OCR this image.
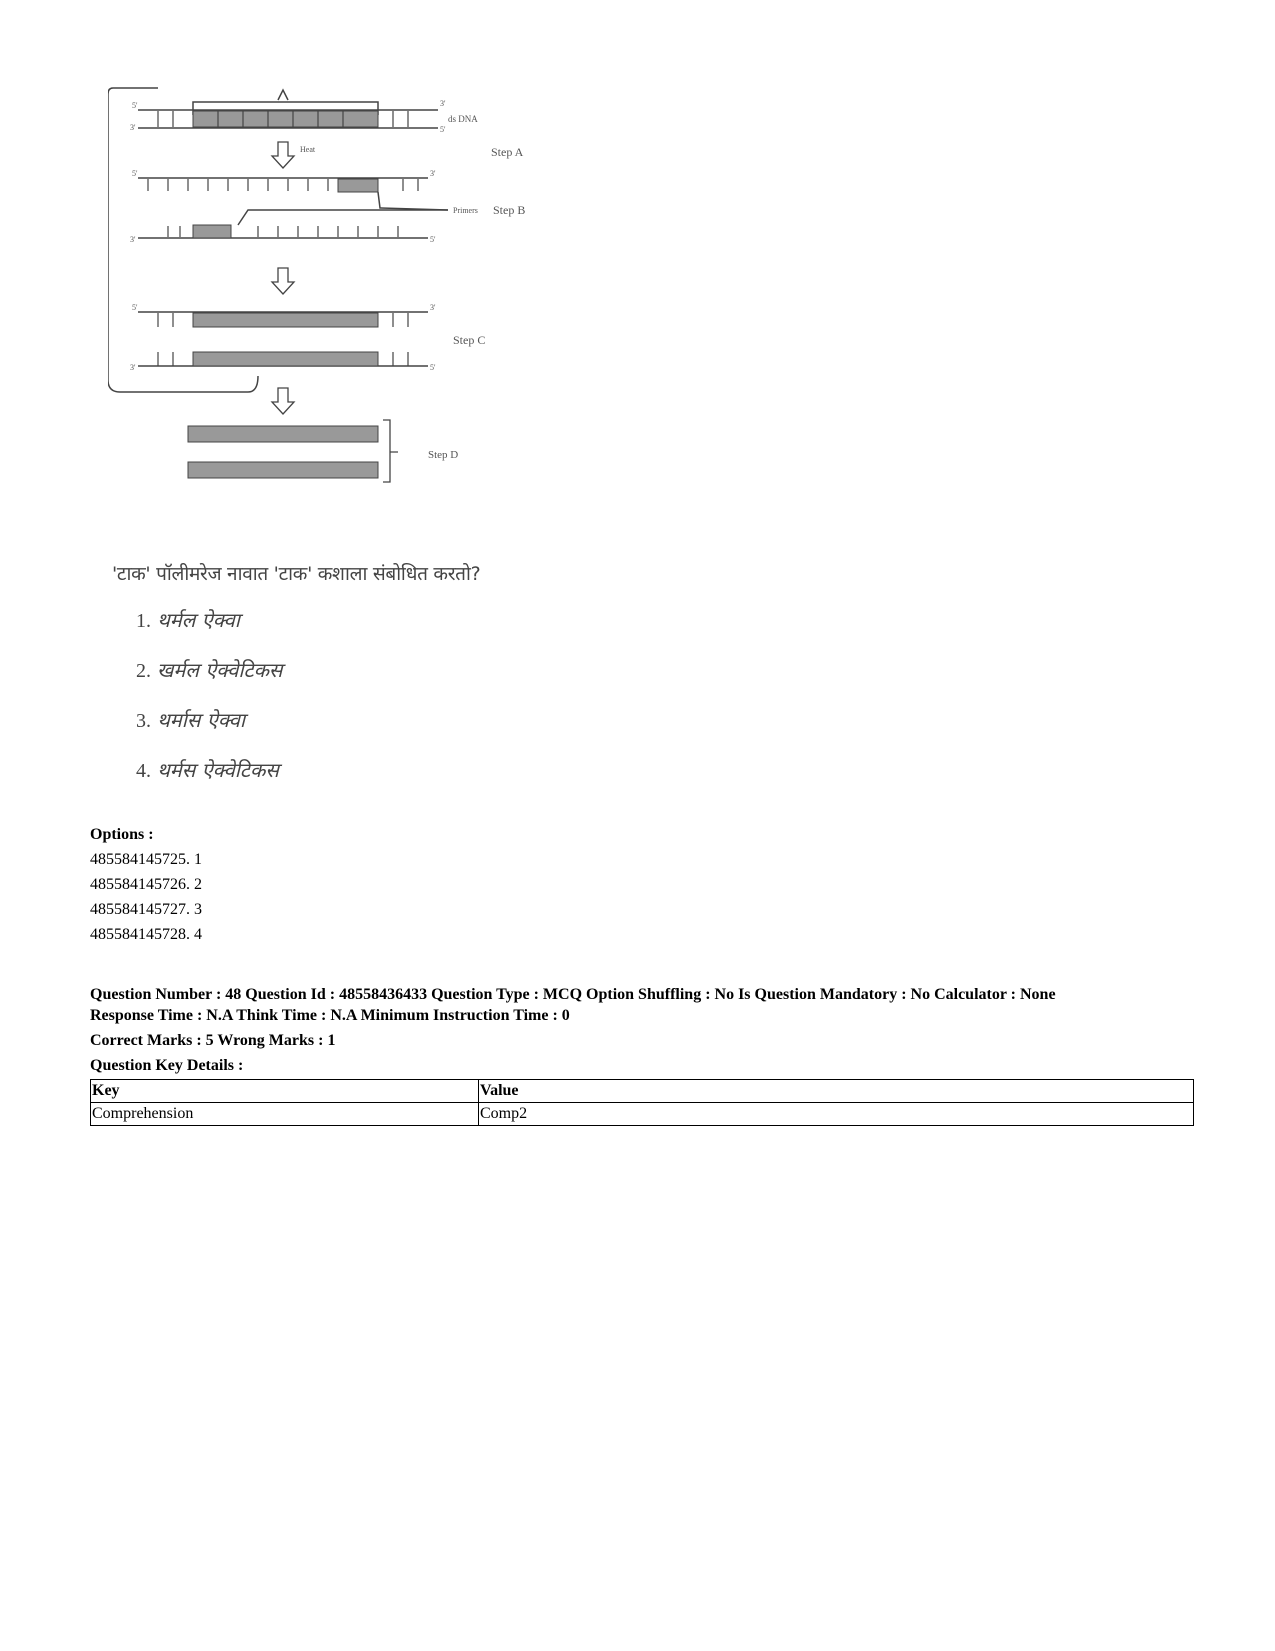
ds DNA
Step A
Heat
Primers Step B
Step C
Step D
5'	3'
3'	5'
5'	3'
3'	5'
5'	3'
3'	5'

'टाक' पॉलीमरेज नावात 'टाक' कशाला संबोधित करतो?

1. थर्मल ऐक्वा
2. खर्मल ऐक्वेटिकस
3. थर्मास ऐक्वा
4. थर्मस ऐक्वेटिकस
Options :
485584145725. 1
485584145726. 2
485584145727. 3
485584145728. 4

Question Number : 48 Question Id : 48558436433 Question Type : MCQ Option Shuffling : No Is Question Mandatory : No Calculator : None

Response Time : N.A Think Time : N.A Minimum Instruction Time : 0

Correct Marks : 5 Wrong Marks : 1

Question Key Details :

Key	Value
Comprehension	Comp2
